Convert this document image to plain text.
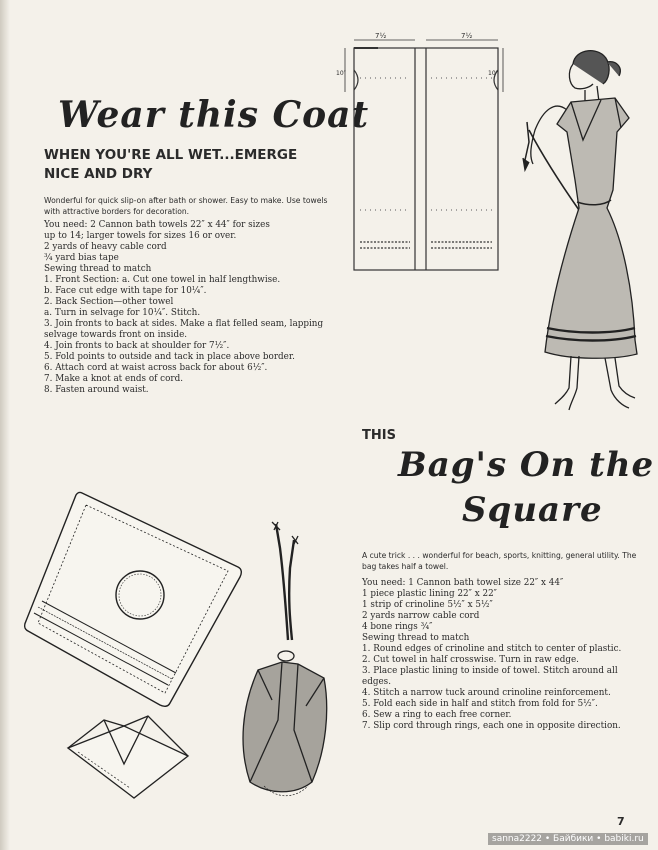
Wear this Coat
WHEN YOU'RE ALL WET...EMERGE NICE AND DRY
Wonderful for quick slip-on after bath or shower. Easy to make. Use towels with attractive borders for decoration.

You need: 2 Cannon bath towels 22″ x 44″ for sizes

up to 14; larger towels for sizes 16 or over.

2 yards of heavy cable cord

¾ yard bias tape

Sewing thread to match

1. Front Section: a. Cut one towel in half lengthwise.

b. Face cut edge with tape for 10¼″.

2. Back Section—other towel

a. Turn in selvage for 10¼″. Stitch.

3. Join fronts to back at sides. Make a flat felled seam, lapping selvage towards front on inside.

4. Join fronts to back at shoulder for 7½″.

5. Fold points to outside and tack in place above border.

6. Attach cord at waist across back for about 6½″.

7. Make a knot at ends of cord.

8. Fasten around waist.

7½	7½
10″	10″
THIS
Bag's On the
Square
A cute trick . . . wonderful for beach, sports, knitting, general utility. The bag takes half a towel.

You need: 1 Cannon bath towel size 22″ x 44″

1 piece plastic lining 22″ x 22″

1 strip of crinoline 5½″ x 5½″

2 yards narrow cable cord

4 bone rings ¾″

Sewing thread to match

1. Round edges of crinoline and stitch to center of plastic.

2. Cut towel in half crosswise. Turn in raw edge.

3. Place plastic lining to inside of towel. Stitch around all edges.

4. Stitch a narrow tuck around crinoline reinforcement.

5. Fold each side in half and stitch from fold for 5½″.

6. Sew a ring to each free corner.

7. Slip cord through rings, each one in opposite direction.

7
sanna2222 • Байбики • babiki.ru
